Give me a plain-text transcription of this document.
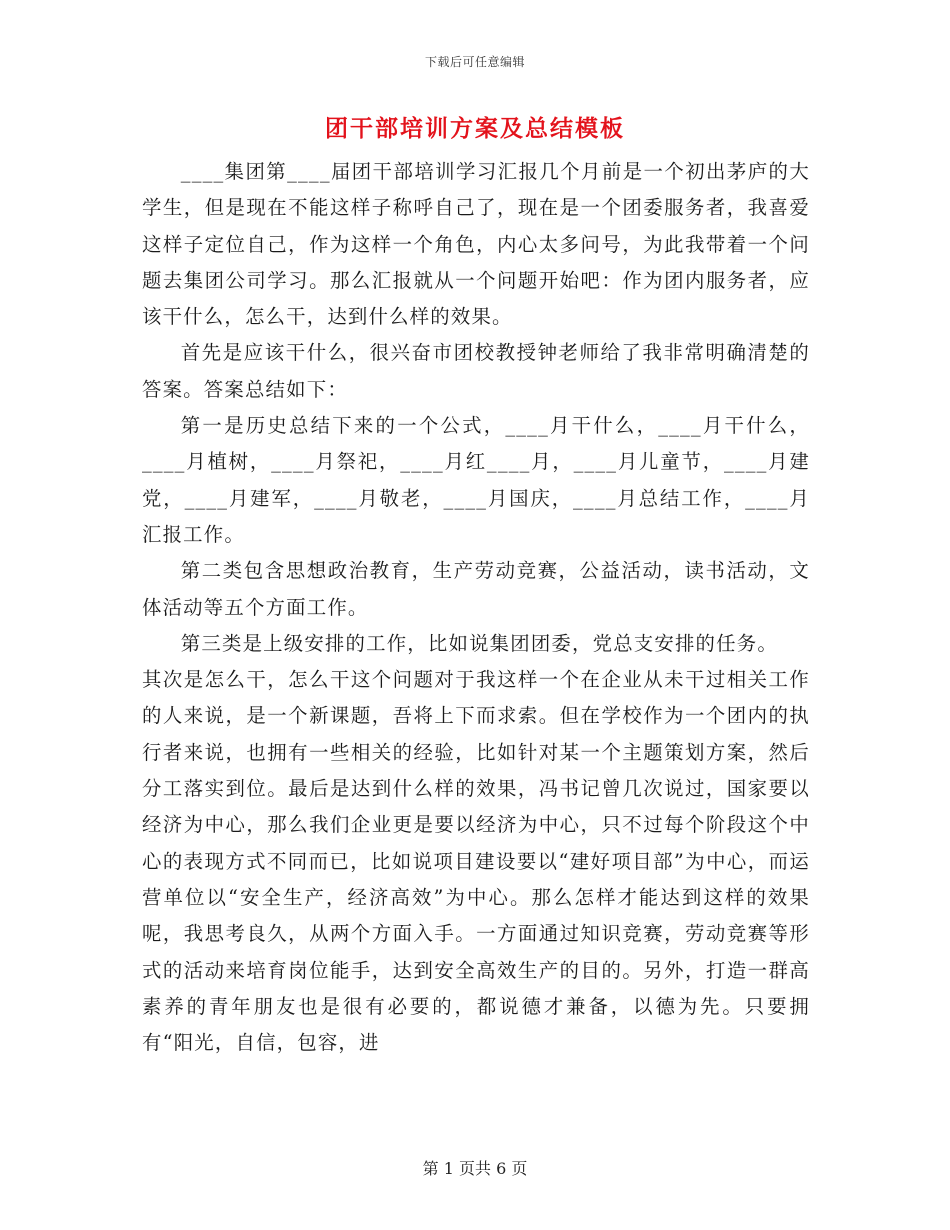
下载后可任意编辑
团干部培训方案及总结模板

____集团第____届团干部培训学习汇报几个月前是一个初出茅庐的大学生，但是现在不能这样子称呼自己了，现在是一个团委服务者，我喜爱这样子定位自己，作为这样一个角色，内心太多问号，为此我带着一个问题去集团公司学习。那么汇报就从一个问题开始吧：作为团内服务者，应该干什么，怎么干，达到什么样的效果。

首先是应该干什么，很兴奋市团校教授钟老师给了我非常明确清楚的答案。答案总结如下：

第一是历史总结下来的一个公式，____月干什么，____月干什么，____月植树，____月祭祀，____月红____月，____月儿童节，____月建党，____月建军，____月敬老，____月国庆，____月总结工作，____月汇报工作。

第二类包含思想政治教育，生产劳动竞赛，公益活动，读书活动，文体活动等五个方面工作。

第三类是上级安排的工作，比如说集团团委，党总支安排的任务。

其次是怎么干，怎么干这个问题对于我这样一个在企业从未干过相关工作的人来说，是一个新课题，吾将上下而求索。但在学校作为一个团内的执行者来说，也拥有一些相关的经验，比如针对某一个主题策划方案，然后分工落实到位。最后是达到什么样的效果，冯书记曾几次说过，国家要以经济为中心，那么我们企业更是要以经济为中心，只不过每个阶段这个中心的表现方式不同而已，比如说项目建设要以“建好项目部”为中心，而运营单位以“安全生产，经济高效”为中心。那么怎样才能达到这样的效果呢，我思考良久，从两个方面入手。一方面通过知识竞赛，劳动竞赛等形式的活动来培育岗位能手，达到安全高效生产的目的。另外，打造一群高素养的青年朋友也是很有必要的，都说德才兼备，以德为先。只要拥有“阳光，自信，包容，进

第 1 页共 6 页
